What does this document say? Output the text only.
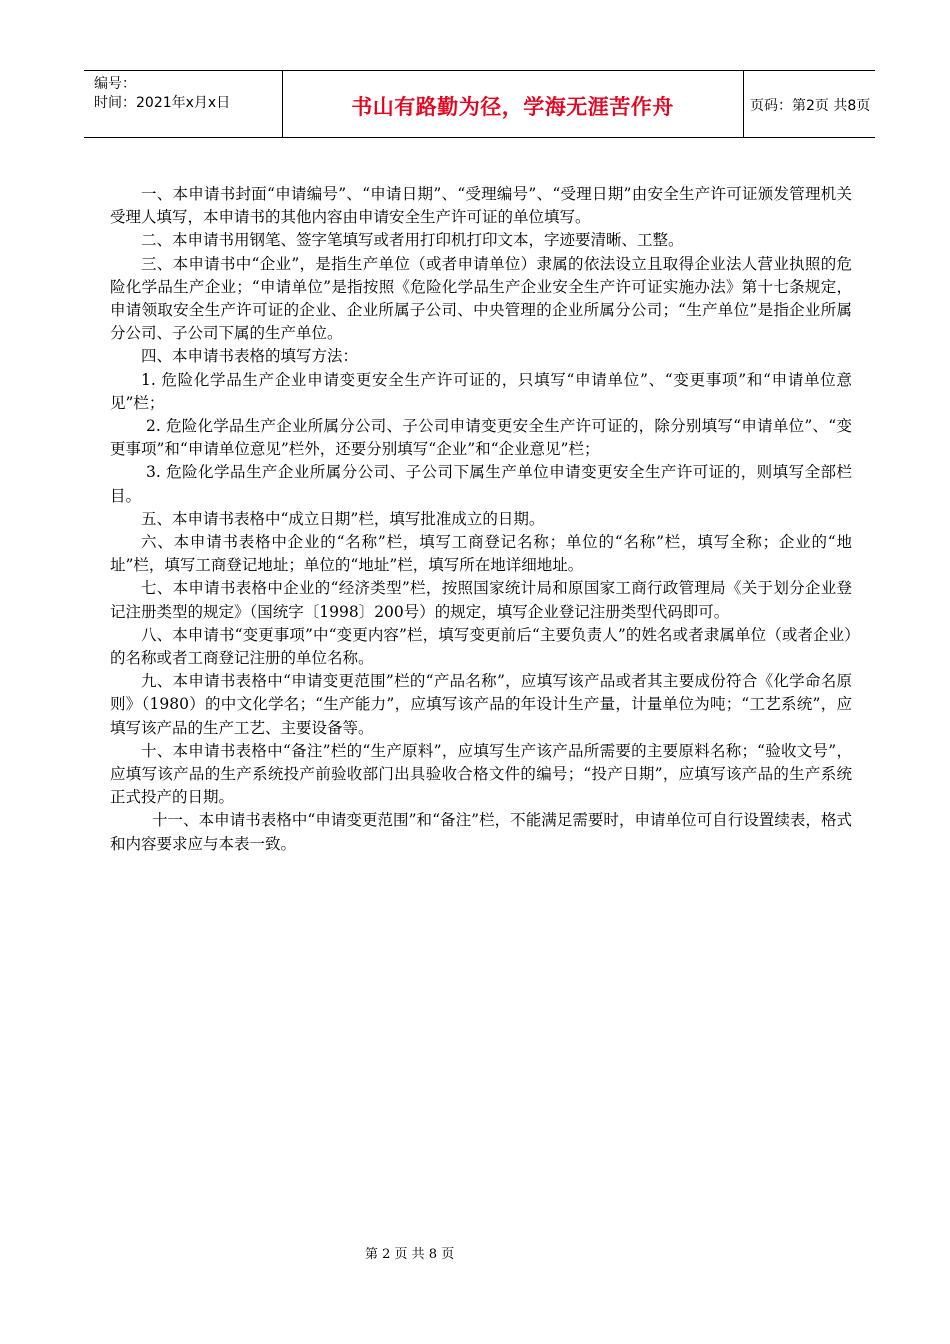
编号：
时间：2021年x月x日	书山有路勤为径，学海无涯苦作舟	页码：第2页 共8页

一、本申请书封面“申请编号”、“申请日期”、“受理编号”、“受理日期”由安全生产许可证颁发管理机关受理人填写，本申请书的其他内容由申请安全生产许可证的单位填写。

二、本申请书用钢笔、签字笔填写或者用打印机打印文本，字迹要清晰、工整。

三、本申请书中“企业”，是指生产单位（或者申请单位）隶属的依法设立且取得企业法人营业执照的危险化学品生产企业；“申请单位”是指按照《危险化学品生产企业安全生产许可证实施办法》第十七条规定，申请领取安全生产许可证的企业、企业所属子公司、中央管理的企业所属分公司；“生产单位”是指企业所属分公司、子公司下属的生产单位。

四、本申请书表格的填写方法：

1. 危险化学品生产企业申请变更安全生产许可证的，只填写“申请单位”、“变更事项”和“申请单位意见”栏；

2. 危险化学品生产企业所属分公司、子公司申请变更安全生产许可证的，除分别填写“申请单位”、“变更事项”和“申请单位意见”栏外，还要分别填写“企业”和“企业意见”栏；

3. 危险化学品生产企业所属分公司、子公司下属生产单位申请变更安全生产许可证的，则填写全部栏目。

五、本申请书表格中“成立日期”栏，填写批准成立的日期。

六、本申请书表格中企业的“名称”栏，填写工商登记名称；单位的“名称”栏，填写全称；企业的“地址”栏，填写工商登记地址；单位的“地址”栏，填写所在地详细地址。

七、本申请书表格中企业的“经济类型”栏，按照国家统计局和原国家工商行政管理局《关于划分企业登记注册类型的规定》（国统字〔1998〕200号）的规定，填写企业登记注册类型代码即可。

八、本申请书“变更事项”中“变更内容”栏，填写变更前后“主要负责人”的姓名或者隶属单位（或者企业）的名称或者工商登记注册的单位名称。

九、本申请书表格中“申请变更范围”栏的“产品名称”，应填写该产品或者其主要成份符合《化学命名原则》（1980）的中文化学名；“生产能力”，应填写该产品的年设计生产量，计量单位为吨；“工艺系统”，应填写该产品的生产工艺、主要设备等。

十、本申请书表格中“备注”栏的“生产原料”，应填写生产该产品所需要的主要原料名称；“验收文号”，应填写该产品的生产系统投产前验收部门出具验收合格文件的编号；“投产日期”，应填写该产品的生产系统正式投产的日期。

十一、本申请书表格中“申请变更范围”和“备注”栏，不能满足需要时，申请单位可自行设置续表，格式和内容要求应与本表一致。

第 2 页 共 8 页
